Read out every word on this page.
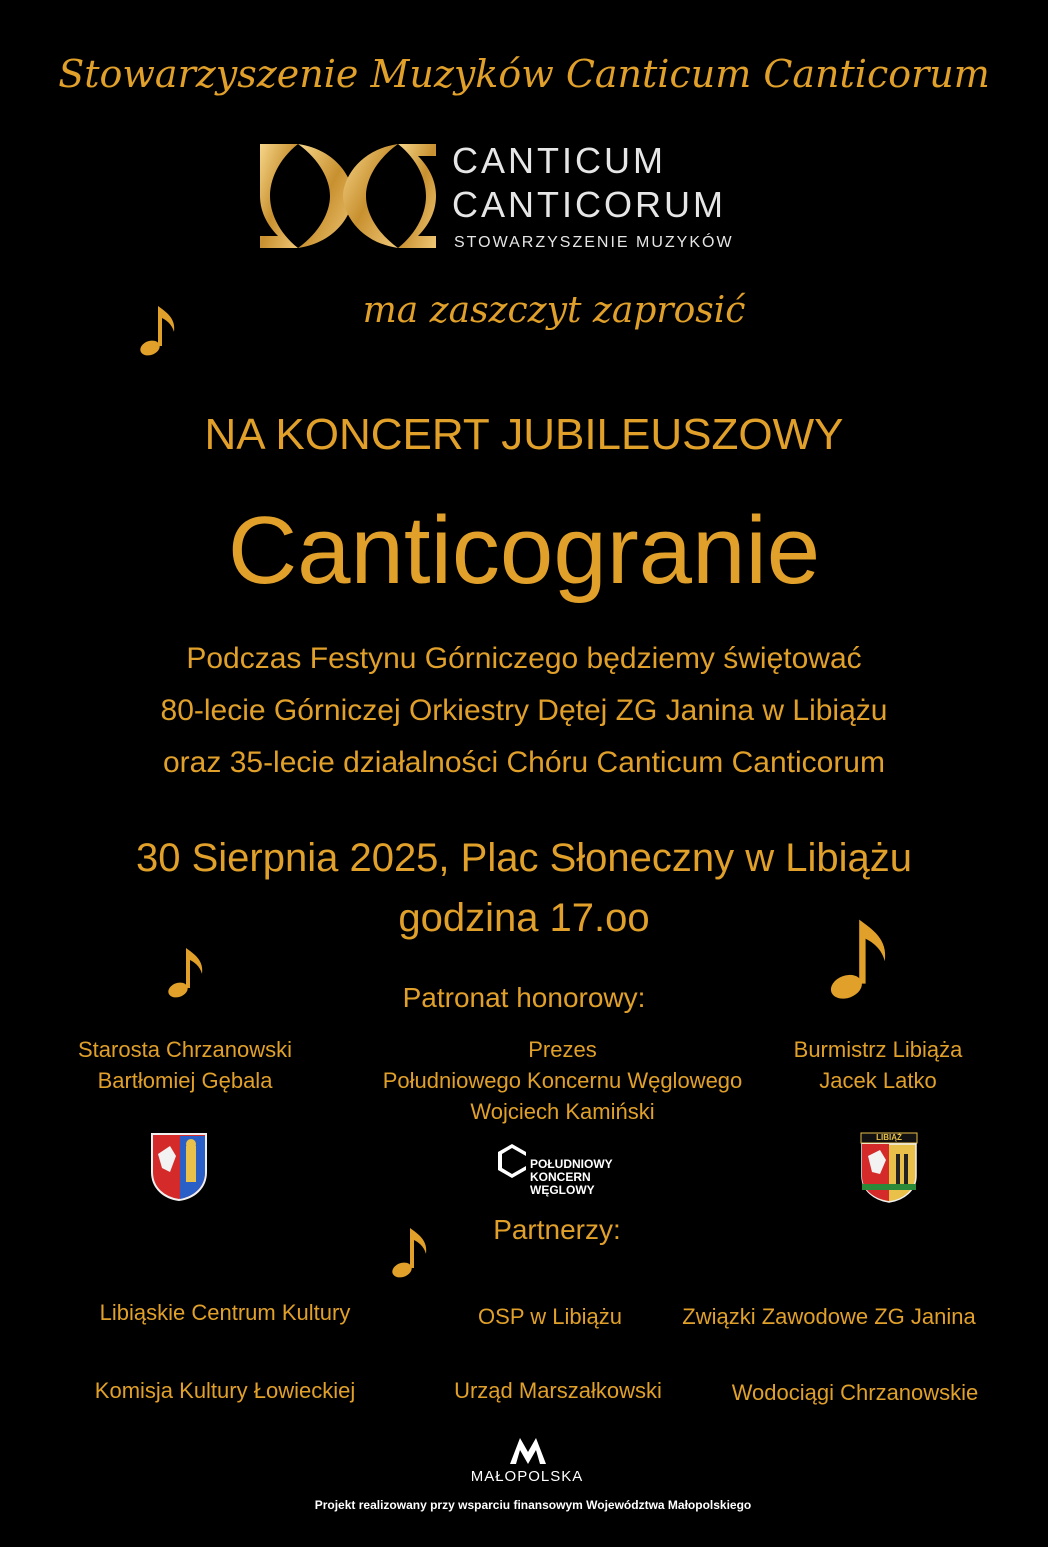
Stowarzyszenie Muzyków Canticum Canticorum
CANTICUM
CANTICORUM
STOWARZYSZENIE MUZYKÓW
ma zaszczyt zaprosić
NA KONCERT JUBILEUSZOWY
Canticogranie
Podczas Festynu Górniczego będziemy świętować
80-lecie Górniczej Orkiestry Dętej ZG Janina w Libiążu
oraz 35-lecie działalności Chóru Canticum Canticorum
30 Sierpnia 2025, Plac Słoneczny w Libiążu
godzina 17.oo
Patronat honorowy:
Starosta Chrzanowski
Bartłomiej Gębala
Prezes
Południowego Koncernu Węglowego
Wojciech Kamiński
Burmistrz Libiąża
Jacek Latko
POŁUDNIOWY
KONCERN
WĘGLOWY
LIBIĄŻ
Partnerzy:
Libiąskie Centrum Kultury	OSP w Libiążu	Związki Zawodowe ZG Janina
Komisja Kultury Łowieckiej	Urząd Marszałkowski	Wodociągi Chrzanowskie
MAŁOPOLSKA
Projekt realizowany przy wsparciu finansowym Województwa Małopolskiego
